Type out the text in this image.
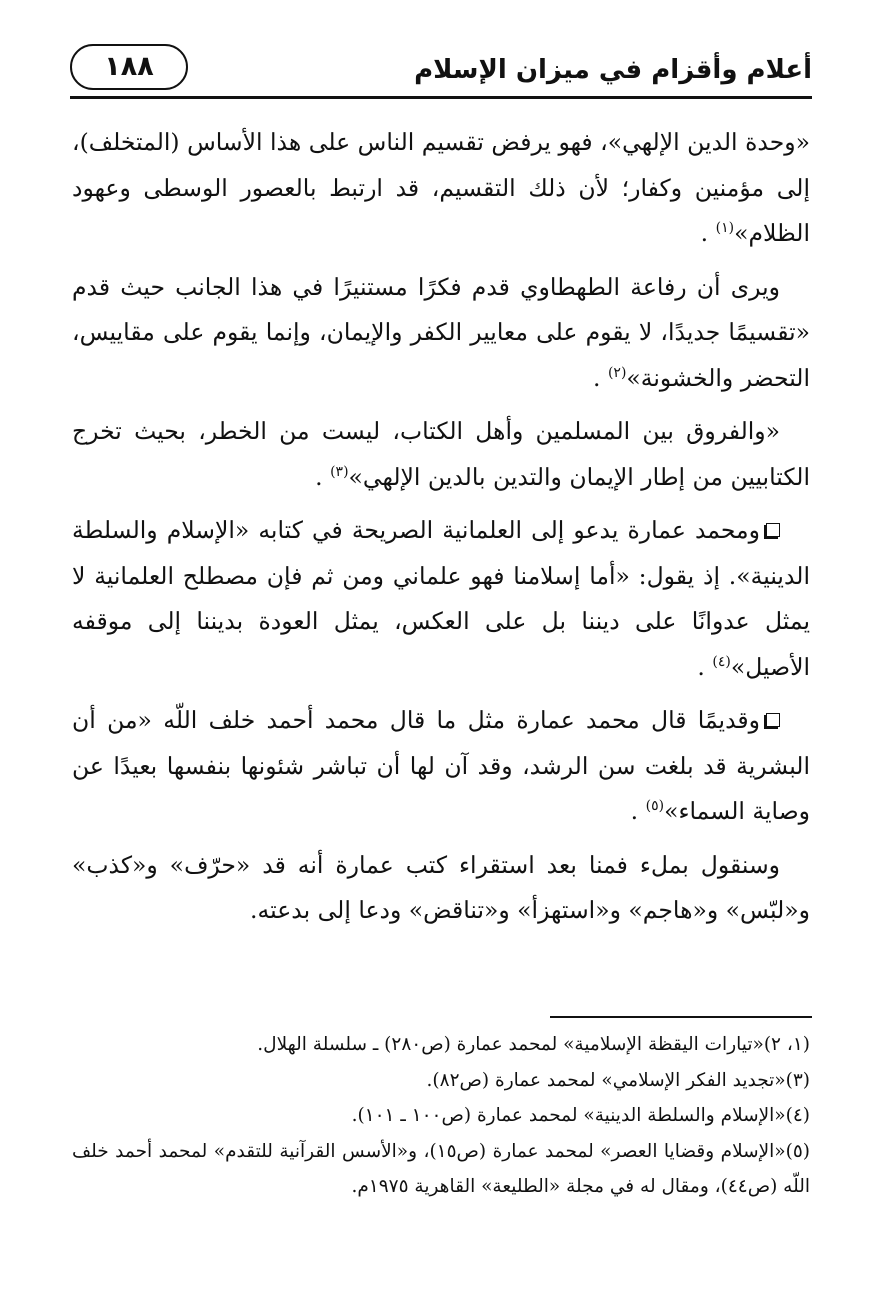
أعلام وأقزام في ميزان الإسلام
١٨٨

«وحدة الدين الإلهي»، فهو يرفض تقسيم الناس على هذا الأساس (المتخلف)، إلى مؤمنين وكفار؛ لأن ذلك التقسيم، قد ارتبط بالعصور الوسطى وعهود الظلام»$^{(١)}$ .

ويرى أن رفاعة الطهطاوي قدم فكرًا مستنيرًا في هذا الجانب حيث قدم «تقسيمًا جديدًا، لا يقوم على معايير الكفر والإيمان، وإنما يقوم على مقاييس، التحضر والخشونة»$^{(٢)}$ .

«والفروق بين المسلمين وأهل الكتاب، ليست من الخطر، بحيث تخرج الكتابيين من إطار الإيمان والتدين بالدين الإلهي»$^{(٣)}$ .

ومحمد عمارة يدعو إلى العلمانية الصريحة في كتابه «الإسلام والسلطة الدينية». إذ يقول: «أما إسلامنا فهو علماني ومن ثم فإن مصطلح العلمانية لا يمثل عدوانًا على ديننا بل على العكس، يمثل العودة بديننا إلى موقفه الأصيل»$^{(٤)}$ .

وقديمًا قال محمد عمارة مثل ما قال محمد أحمد خلف اللّه «من أن البشرية قد بلغت سن الرشد، وقد آن لها أن تباشر شئونها بنفسها بعيدًا عن وصاية السماء»$^{(٥)}$ .

وسنقول بملء فمنا بعد استقراء كتب عمارة أنه قد «حرّف» و«كذب» و«لبّس» و«هاجم» و«استهزأ» و«تناقض» ودعا إلى بدعته.

(١، ٢)«تيارات اليقظة الإسلامية» لمحمد عمارة (ص٢٨٠) ـ سلسلة الهلال.

(٣)«تجديد الفكر الإسلامي» لمحمد عمارة (ص٨٢).

(٤)«الإسلام والسلطة الدينية» لمحمد عمارة (ص١٠٠ ـ ١٠١).

(٥)«الإسلام وقضايا العصر» لمحمد عمارة (ص١٥)، و«الأسس القرآنية للتقدم» لمحمد أحمد خلف اللّه (ص٤٤)، ومقال له في مجلة «الطليعة» القاهرية ١٩٧٥م.
